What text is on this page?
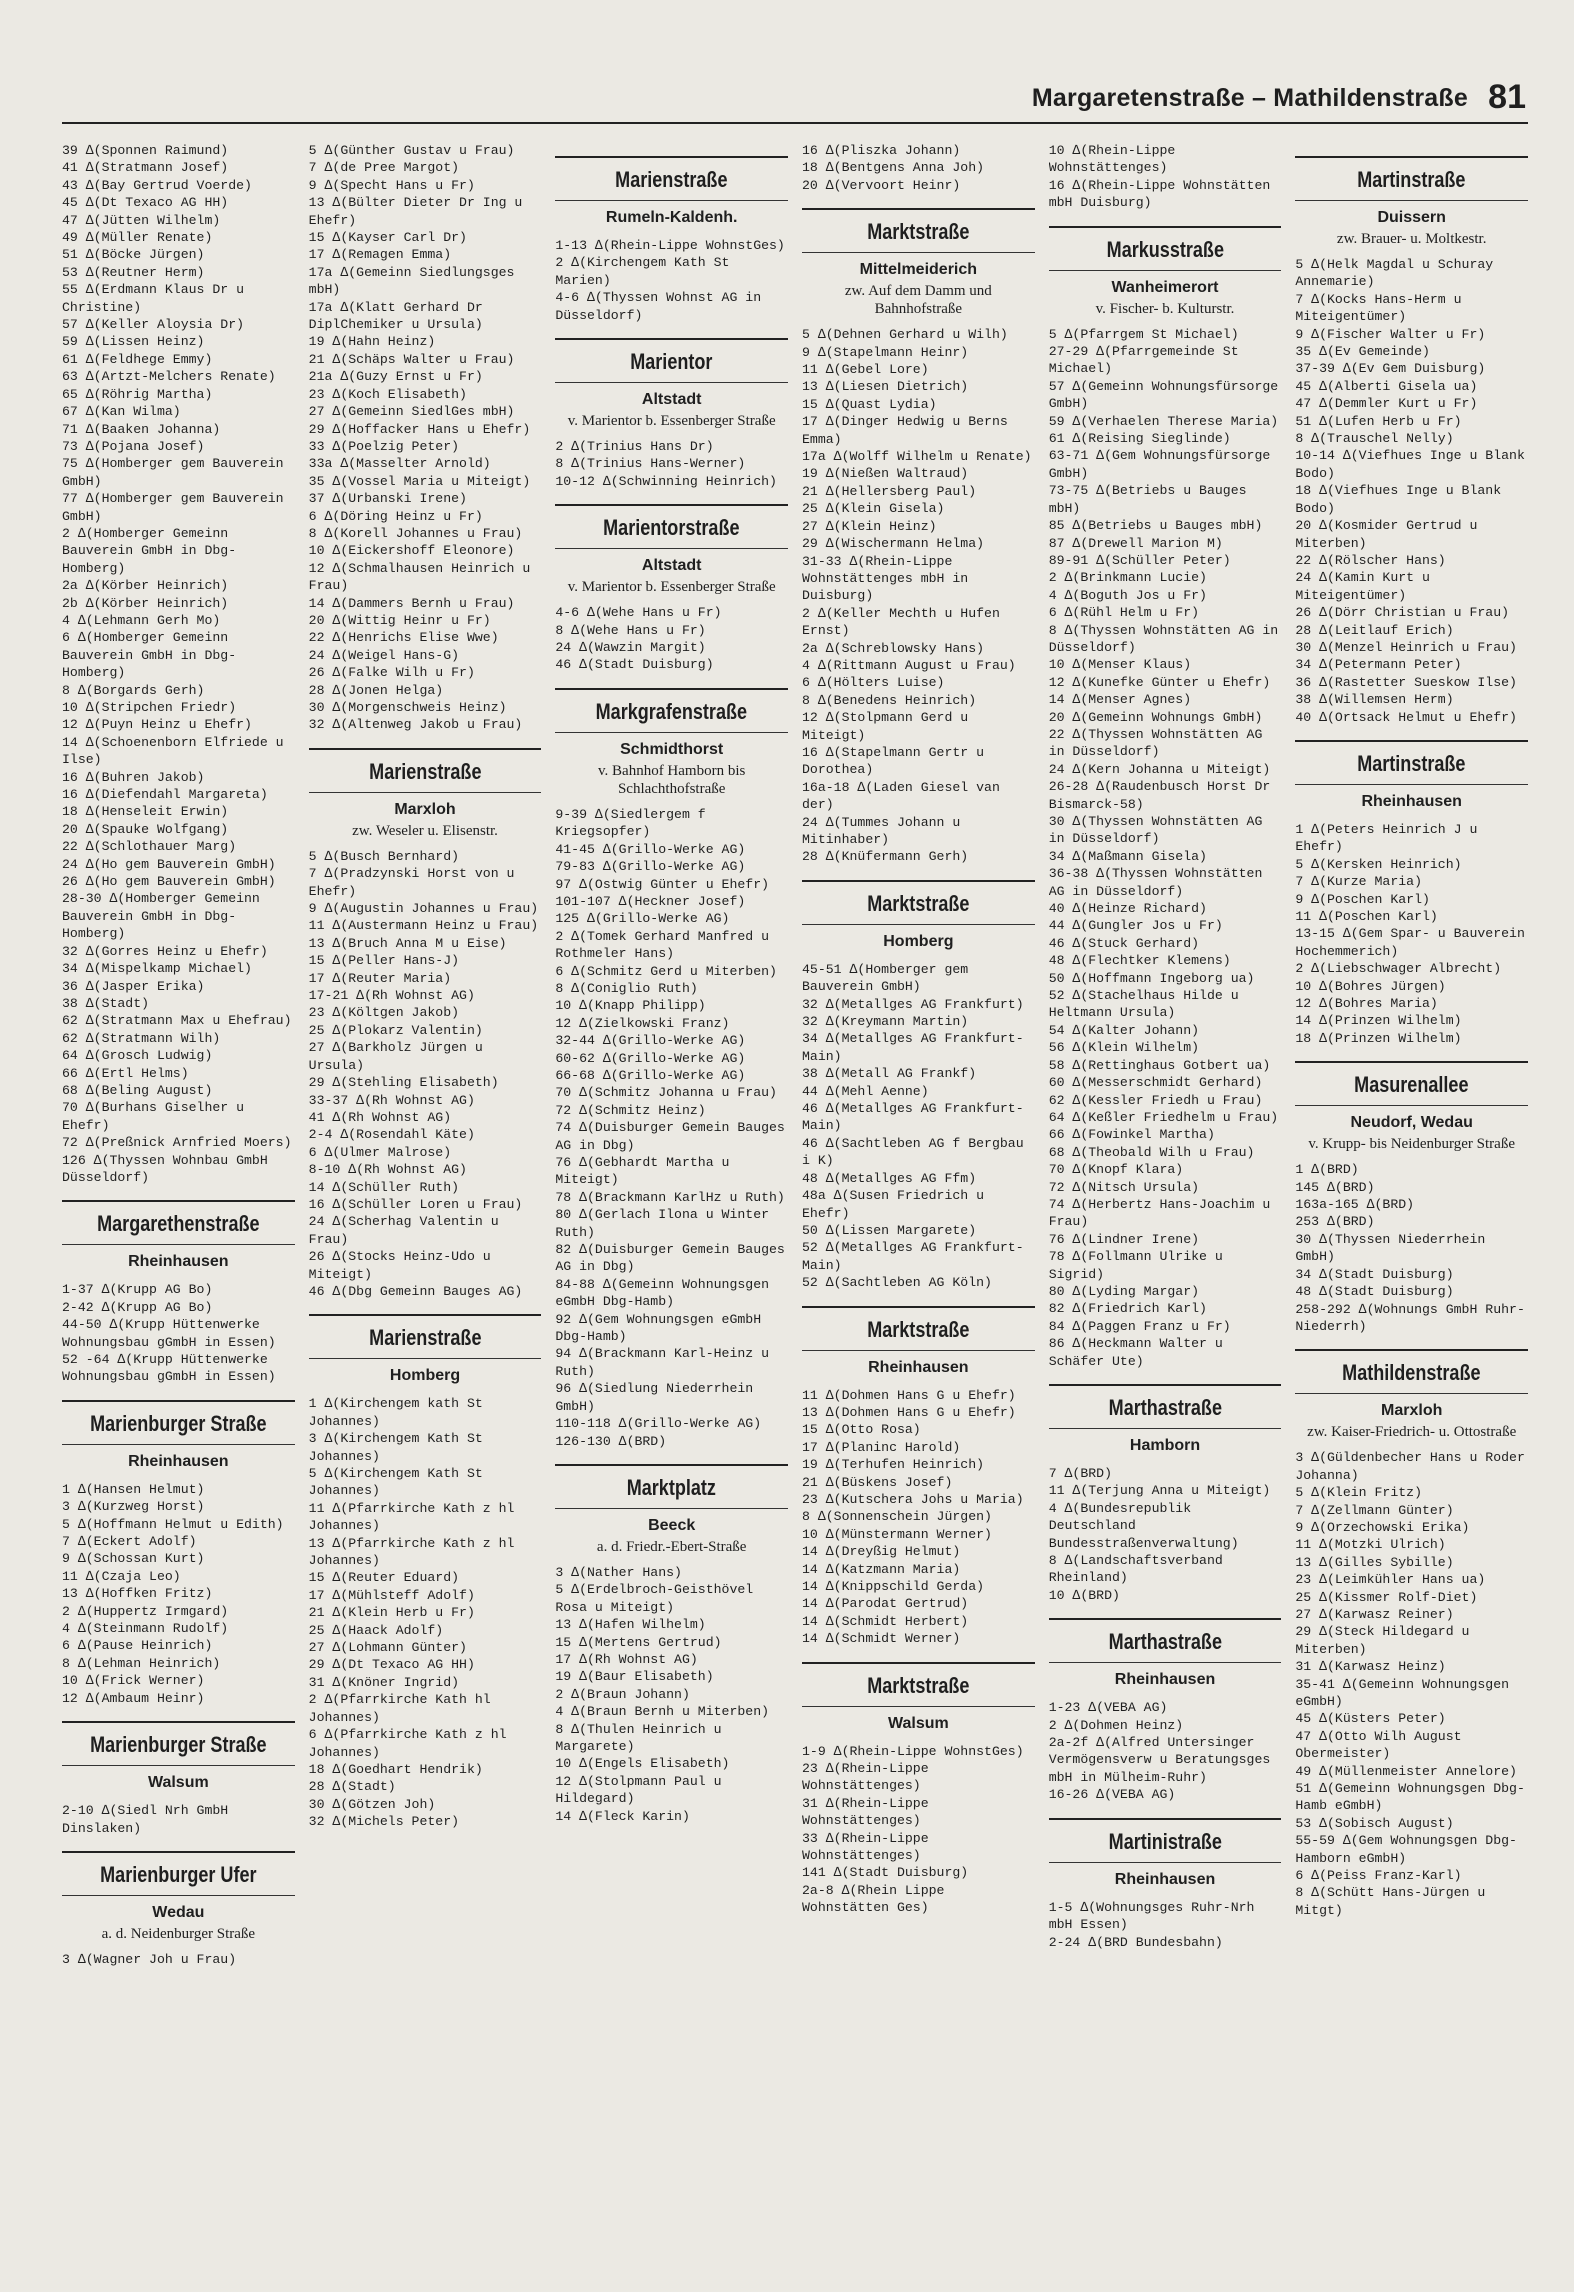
Margaretenstraße – Mathildenstraße 81
39 ∆(Sponnen Raimund)
41 ∆(Stratmann Josef)
43 ∆(Bay Gertrud Voerde)
45 ∆(Dt Texaco AG HH)
47 ∆(Jütten Wilhelm)
49 ∆(Müller Renate)
51 ∆(Böcke Jürgen)
53 ∆(Reutner Herm)
55 ∆(Erdmann Klaus Dr u Christine)
57 ∆(Keller Aloysia Dr)
59 ∆(Lissen Heinz)
61 ∆(Feldhege Emmy)
63 ∆(Artzt-Melchers Renate)
65 ∆(Röhrig Martha)
67 ∆(Kan Wilma)
71 ∆(Baaken Johanna)
73 ∆(Pojana Josef)
75 ∆(Homberger gem Bauverein GmbH)
77 ∆(Homberger gem Bauverein GmbH)
2 ∆(Homberger Gemeinn Bauverein GmbH in Dbg-Homberg)
2a ∆(Körber Heinrich)
2b ∆(Körber Heinrich)
4 ∆(Lehmann Gerh Mo)
6 ∆(Homberger Gemeinn Bauverein GmbH in Dbg-Homberg)
8 ∆(Borgards Gerh)
10 ∆(Stripchen Friedr)
12 ∆(Puyn Heinz u Ehefr)
14 ∆(Schoenenborn Elfriede u Ilse)
16 ∆(Buhren Jakob)
16 ∆(Diefendahl Margareta)
18 ∆(Henseleit Erwin)
20 ∆(Spauke Wolfgang)
22 ∆(Schlothauer Marg)
24 ∆(Ho gem Bauverein GmbH)
26 ∆(Ho gem Bauverein GmbH)
28-30 ∆(Homberger Gemeinn Bauverein GmbH in Dbg-Homberg)
32 ∆(Gorres Heinz u Ehefr)
34 ∆(Mispelkamp Michael)
36 ∆(Jasper Erika)
38 ∆(Stadt)
62 ∆(Stratmann Max u Ehefrau)
62 ∆(Stratmann Wilh)
64 ∆(Grosch Ludwig)
66 ∆(Ertl Helms)
68 ∆(Beling August)
70 ∆(Burhans Giselher u Ehefr)
72 ∆(Preßnick Arnfried Moers)
126 ∆(Thyssen Wohnbau GmbH Düsseldorf)
Margarethenstraße
Rheinhausen
1-37 ∆(Krupp AG Bo)
2-42 ∆(Krupp AG Bo)
44-50 ∆(Krupp Hüttenwerke Wohnungsbau gGmbH in Essen)
52 -64 ∆(Krupp Hüttenwerke Wohnungsbau gGmbH in Essen)
Marienburger Straße
Rheinhausen
1 ∆(Hansen Helmut)
3 ∆(Kurzweg Horst)
5 ∆(Hoffmann Helmut u Edith)
7 ∆(Eckert Adolf)
9 ∆(Schossan Kurt)
11 ∆(Czaja Leo)
13 ∆(Hoffken Fritz)
2 ∆(Huppertz Irmgard)
4 ∆(Steinmann Rudolf)
6 ∆(Pause Heinrich)
8 ∆(Lehman Heinrich)
10 ∆(Frick Werner)
12 ∆(Ambaum Heinr)
Marienburger Straße
Walsum
2-10 ∆(Siedl Nrh GmbH Dinslaken)
Marienburger Ufer
Wedau
a. d. Neidenburger Straße
3 ∆(Wagner Joh u Frau)
5 ∆(Günther Gustav u Frau)
7 ∆(de Pree Margot)
9 ∆(Specht Hans u Fr)
13 ∆(Bülter Dieter Dr Ing u Ehefr)
15 ∆(Kayser Carl Dr)
17 ∆(Remagen Emma)
17a ∆(Gemeinn Siedlungsges mbH)
17a ∆(Klatt Gerhard Dr DiplChemiker u Ursula)
19 ∆(Hahn Heinz)
21 ∆(Schäps Walter u Frau)
21a ∆(Guzy Ernst u Fr)
23 ∆(Koch Elisabeth)
27 ∆(Gemeinn SiedlGes mbH)
29 ∆(Hoffacker Hans u Ehefr)
33 ∆(Poelzig Peter)
33a ∆(Masselter Arnold)
35 ∆(Vossel Maria u Miteigt)
37 ∆(Urbanski Irene)
6 ∆(Döring Heinz u Fr)
8 ∆(Korell Johannes u Frau)
10 ∆(Eickershoff Eleonore)
12 ∆(Schmalhausen Heinrich u Frau)
14 ∆(Dammers Bernh u Frau)
20 ∆(Wittig Heinr u Fr)
22 ∆(Henrichs Elise Wwe)
24 ∆(Weigel Hans-G)
26 ∆(Falke Wilh u Fr)
28 ∆(Jonen Helga)
30 ∆(Morgenschweis Heinz)
32 ∆(Altenweg Jakob u Frau)
Marienstraße
Marxloh
zw. Weseler u. Elisenstr.
5 ∆(Busch Bernhard)
7 ∆(Pradzynski Horst von u Ehefr)
9 ∆(Augustin Johannes u Frau)
11 ∆(Austermann Heinz u Frau)
13 ∆(Bruch Anna M u Eise)
15 ∆(Peller Hans-J)
17 ∆(Reuter Maria)
17-21 ∆(Rh Wohnst AG)
23 ∆(Költgen Jakob)
25 ∆(Plokarz Valentin)
27 ∆(Barkholz Jürgen u Ursula)
29 ∆(Stehling Elisabeth)
33-37 ∆(Rh Wohnst AG)
41 ∆(Rh Wohnst AG)
2-4 ∆(Rosendahl Käte)
6 ∆(Ulmer Malrose)
8-10 ∆(Rh Wohnst AG)
14 ∆(Schüller Ruth)
16 ∆(Schüller Loren u Frau)
24 ∆(Scherhag Valentin u Frau)
26 ∆(Stocks Heinz-Udo u Miteigt)
46 ∆(Dbg Gemeinn Bauges AG)
Marienstraße
Homberg
1 ∆(Kirchengem kath St Johannes)
3 ∆(Kirchengem Kath St Johannes)
5 ∆(Kirchengem Kath St Johannes)
11 ∆(Pfarrkirche Kath z hl Johannes)
13 ∆(Pfarrkirche Kath z hl Johannes)
15 ∆(Reuter Eduard)
17 ∆(Mühlsteff Adolf)
21 ∆(Klein Herb u Fr)
25 ∆(Haack Adolf)
27 ∆(Lohmann Günter)
29 ∆(Dt Texaco AG HH)
31 ∆(Knöner Ingrid)
2 ∆(Pfarrkirche Kath hl Johannes)
6 ∆(Pfarrkirche Kath z hl Johannes)
18 ∆(Goedhart Hendrik)
28 ∆(Stadt)
30 ∆(Götzen Joh)
32 ∆(Michels Peter)
Marienstraße
Rumeln-Kaldenh.
1-13 ∆(Rhein-Lippe WohnstGes)
2 ∆(Kirchengem Kath St Marien)
4-6 ∆(Thyssen Wohnst AG in Düsseldorf)
Marientor
Altstadt
v. Marientor b. Essenberger Straße
2 ∆(Trinius Hans Dr)
8 ∆(Trinius Hans-Werner)
10-12 ∆(Schwinning Heinrich)
Marientorstraße
Altstadt
v. Marientor b. Essenberger Straße
4-6 ∆(Wehe Hans u Fr)
8 ∆(Wehe Hans u Fr)
24 ∆(Wawzin Margit)
46 ∆(Stadt Duisburg)
Markgrafenstraße
Schmidthorst
v. Bahnhof Hamborn bis Schlachthofstraße
9-39 ∆(Siedlergem f Kriegsopfer)
41-45 ∆(Grillo-Werke AG)
79-83 ∆(Grillo-Werke AG)
97 ∆(Ostwig Günter u Ehefr)
101-107 ∆(Heckner Josef)
125 ∆(Grillo-Werke AG)
2 ∆(Tomek Gerhard Manfred u Rothmeler Hans)
6 ∆(Schmitz Gerd u Miterben)
8 ∆(Coniglio Ruth)
10 ∆(Knapp Philipp)
12 ∆(Zielkowski Franz)
32-44 ∆(Grillo-Werke AG)
60-62 ∆(Grillo-Werke AG)
66-68 ∆(Grillo-Werke AG)
70 ∆(Schmitz Johanna u Frau)
72 ∆(Schmitz Heinz)
74 ∆(Duisburger Gemein Bauges AG in Dbg)
76 ∆(Gebhardt Martha u Miteigt)
78 ∆(Brackmann KarlHz u Ruth)
80 ∆(Gerlach Ilona u Winter Ruth)
82 ∆(Duisburger Gemein Bauges AG in Dbg)
84-88 ∆(Gemeinn Wohnungsgen eGmbH Dbg-Hamb)
92 ∆(Gem Wohnungsgen eGmbH Dbg-Hamb)
94 ∆(Brackmann Karl-Heinz u Ruth)
96 ∆(Siedlung Niederrhein GmbH)
110-118 ∆(Grillo-Werke AG)
126-130 ∆(BRD)
Marktplatz
Beeck
a. d. Friedr.-Ebert-Straße
3 ∆(Nather Hans)
5 ∆(Erdelbroch-Geisthövel Rosa u Miteigt)
13 ∆(Hafen Wilhelm)
15 ∆(Mertens Gertrud)
17 ∆(Rh Wohnst AG)
19 ∆(Baur Elisabeth)
2 ∆(Braun Johann)
4 ∆(Braun Bernh u Miterben)
8 ∆(Thulen Heinrich u Margarete)
10 ∆(Engels Elisabeth)
12 ∆(Stolpmann Paul u Hildegard)
14 ∆(Fleck Karin)
16 ∆(Pliszka Johann)
18 ∆(Bentgens Anna Joh)
20 ∆(Vervoort Heinr)
Marktstraße
Mittelmeiderich
zw. Auf dem Damm und Bahnhofstraße
5 ∆(Dehnen Gerhard u Wilh)
9 ∆(Stapelmann Heinr)
11 ∆(Gebel Lore)
13 ∆(Liesen Dietrich)
15 ∆(Quast Lydia)
17 ∆(Dinger Hedwig u Berns Emma)
17a ∆(Wolff Wilhelm u Renate)
19 ∆(Nießen Waltraud)
21 ∆(Hellersberg Paul)
25 ∆(Klein Gisela)
27 ∆(Klein Heinz)
29 ∆(Wischermann Helma)
31-33 ∆(Rhein-Lippe Wohnstättenges mbH in Duisburg)
2 ∆(Keller Mechth u Hufen Ernst)
2a ∆(Schreblowsky Hans)
4 ∆(Rittmann August u Frau)
6 ∆(Hölters Luise)
8 ∆(Benedens Heinrich)
12 ∆(Stolpmann Gerd u Miteigt)
16 ∆(Stapelmann Gertr u Dorothea)
16a-18 ∆(Laden Giesel van der)
24 ∆(Tummes Johann u Mitinhaber)
28 ∆(Knüfermann Gerh)
Marktstraße
Homberg
45-51 ∆(Homberger gem Bauverein GmbH)
32 ∆(Metallges AG Frankfurt)
32 ∆(Kreymann Martin)
34 ∆(Metallges AG Frankfurt-Main)
38 ∆(Metall AG Frankf)
44 ∆(Mehl Aenne)
46 ∆(Metallges AG Frankfurt-Main)
46 ∆(Sachtleben AG f Bergbau i K)
48 ∆(Metallges AG Ffm)
48a ∆(Susen Friedrich u Ehefr)
50 ∆(Lissen Margarete)
52 ∆(Metallges AG Frankfurt-Main)
52 ∆(Sachtleben AG Köln)
Marktstraße
Rheinhausen
11 ∆(Dohmen Hans G u Ehefr)
13 ∆(Dohmen Hans G u Ehefr)
15 ∆(Otto Rosa)
17 ∆(Planinc Harold)
19 ∆(Terhufen Heinrich)
21 ∆(Büskens Josef)
23 ∆(Kutschera Johs u Maria)
8 ∆(Sonnenschein Jürgen)
10 ∆(Münstermann Werner)
14 ∆(Dreyßig Helmut)
14 ∆(Katzmann Maria)
14 ∆(Knippschild Gerda)
14 ∆(Parodat Gertrud)
14 ∆(Schmidt Herbert)
14 ∆(Schmidt Werner)
Marktstraße
Walsum
1-9 ∆(Rhein-Lippe WohnstGes)
23 ∆(Rhein-Lippe Wohnstättenges)
31 ∆(Rhein-Lippe Wohnstättenges)
33 ∆(Rhein-Lippe Wohnstättenges)
141 ∆(Stadt Duisburg)
2a-8 ∆(Rhein Lippe Wohnstätten Ges)
10 ∆(Rhein-Lippe Wohnstättenges)
16 ∆(Rhein-Lippe Wohnstätten mbH Duisburg)
Markusstraße
Wanheimerort
v. Fischer- b. Kulturstr.
5 ∆(Pfarrgem St Michael)
27-29 ∆(Pfarrgemeinde St Michael)
57 ∆(Gemeinn Wohnungsfürsorge GmbH)
59 ∆(Verhaelen Therese Maria)
61 ∆(Reising Sieglinde)
63-71 ∆(Gem Wohnungsfürsorge GmbH)
73-75 ∆(Betriebs u Bauges mbH)
85 ∆(Betriebs u Bauges mbH)
87 ∆(Drewell Marion M)
89-91 ∆(Schüller Peter)
2 ∆(Brinkmann Lucie)
4 ∆(Boguth Jos u Fr)
6 ∆(Rühl Helm u Fr)
8 ∆(Thyssen Wohnstätten AG in Düsseldorf)
10 ∆(Menser Klaus)
12 ∆(Kunefke Günter u Ehefr)
14 ∆(Menser Agnes)
20 ∆(Gemeinn Wohnungs GmbH)
22 ∆(Thyssen Wohnstätten AG in Düsseldorf)
24 ∆(Kern Johanna u Miteigt)
26-28 ∆(Raudenbusch Horst Dr Bismarck-58)
30 ∆(Thyssen Wohnstätten AG in Düsseldorf)
34 ∆(Maßmann Gisela)
36-38 ∆(Thyssen Wohnstätten AG in Düsseldorf)
40 ∆(Heinze Richard)
44 ∆(Gungler Jos u Fr)
46 ∆(Stuck Gerhard)
48 ∆(Flechtker Klemens)
50 ∆(Hoffmann Ingeborg ua)
52 ∆(Stachelhaus Hilde u Heltmann Ursula)
54 ∆(Kalter Johann)
56 ∆(Klein Wilhelm)
58 ∆(Rettinghaus Gotbert ua)
60 ∆(Messerschmidt Gerhard)
62 ∆(Kessler Friedh u Frau)
64 ∆(Keßler Friedhelm u Frau)
66 ∆(Fowinkel Martha)
68 ∆(Theobald Wilh u Frau)
70 ∆(Knopf Klara)
72 ∆(Nitsch Ursula)
74 ∆(Herbertz Hans-Joachim u Frau)
76 ∆(Lindner Irene)
78 ∆(Follmann Ulrike u Sigrid)
80 ∆(Lyding Margar)
82 ∆(Friedrich Karl)
84 ∆(Paggen Franz u Fr)
86 ∆(Heckmann Walter u Schäfer Ute)
Marthastraße
Hamborn
7 ∆(BRD)
11 ∆(Terjung Anna u Miteigt)
4 ∆(Bundesrepublik Deutschland Bundesstraßenverwaltung)
8 ∆(Landschaftsverband Rheinland)
10 ∆(BRD)
Marthastraße
Rheinhausen
1-23 ∆(VEBA AG)
2 ∆(Dohmen Heinz)
2a-2f ∆(Alfred Untersinger Vermögensverw u Beratungsges mbH in Mülheim-Ruhr)
16-26 ∆(VEBA AG)
Martinistraße
Rheinhausen
1-5 ∆(Wohnungsges Ruhr-Nrh mbH Essen)
2-24 ∆(BRD Bundesbahn)
Martinstraße
Duissern
zw. Brauer- u. Moltkestr.
5 ∆(Helk Magdal u Schuray Annemarie)
7 ∆(Kocks Hans-Herm u Miteigentümer)
9 ∆(Fischer Walter u Fr)
35 ∆(Ev Gemeinde)
37-39 ∆(Ev Gem Duisburg)
45 ∆(Alberti Gisela ua)
47 ∆(Demmler Kurt u Fr)
51 ∆(Lufen Herb u Fr)
8 ∆(Trauschel Nelly)
10-14 ∆(Viefhues Inge u Blank Bodo)
18 ∆(Viefhues Inge u Blank Bodo)
20 ∆(Kosmider Gertrud u Miterben)
22 ∆(Rölscher Hans)
24 ∆(Kamin Kurt u Miteigentümer)
26 ∆(Dörr Christian u Frau)
28 ∆(Leitlauf Erich)
30 ∆(Menzel Heinrich u Frau)
34 ∆(Petermann Peter)
36 ∆(Rastetter Sueskow Ilse)
38 ∆(Willemsen Herm)
40 ∆(Ortsack Helmut u Ehefr)
Martinstraße
Rheinhausen
1 ∆(Peters Heinrich J u Ehefr)
5 ∆(Kersken Heinrich)
7 ∆(Kurze Maria)
9 ∆(Poschen Karl)
11 ∆(Poschen Karl)
13-15 ∆(Gem Spar- u Bauverein Hochemmerich)
2 ∆(Liebschwager Albrecht)
10 ∆(Bohres Jürgen)
12 ∆(Bohres Maria)
14 ∆(Prinzen Wilhelm)
18 ∆(Prinzen Wilhelm)
Masurenallee
Neudorf, Wedau
v. Krupp- bis Neidenburger Straße
1 ∆(BRD)
145 ∆(BRD)
163a-165 ∆(BRD)
253 ∆(BRD)
30 ∆(Thyssen Niederrhein GmbH)
34 ∆(Stadt Duisburg)
48 ∆(Stadt Duisburg)
258-292 ∆(Wohnungs GmbH Ruhr-Niederrh)
Mathildenstraße
Marxloh
zw. Kaiser-Friedrich- u. Ottostraße
3 ∆(Güldenbecher Hans u Roder Johanna)
5 ∆(Klein Fritz)
7 ∆(Zellmann Günter)
9 ∆(Orzechowski Erika)
11 ∆(Motzki Ulrich)
13 ∆(Gilles Sybille)
23 ∆(Leimkühler Hans ua)
25 ∆(Kissmer Rolf-Diet)
27 ∆(Karwasz Reiner)
29 ∆(Steck Hildegard u Miterben)
31 ∆(Karwasz Heinz)
35-41 ∆(Gemeinn Wohnungsgen eGmbH)
45 ∆(Küsters Peter)
47 ∆(Otto Wilh August Obermeister)
49 ∆(Müllenmeister Annelore)
51 ∆(Gemeinn Wohnungsgen Dbg-Hamb eGmbH)
53 ∆(Sobisch August)
55-59 ∆(Gem Wohnungsgen Dbg-Hamborn eGmbH)
6 ∆(Peiss Franz-Karl)
8 ∆(Schütt Hans-Jürgen u Mitgt)
